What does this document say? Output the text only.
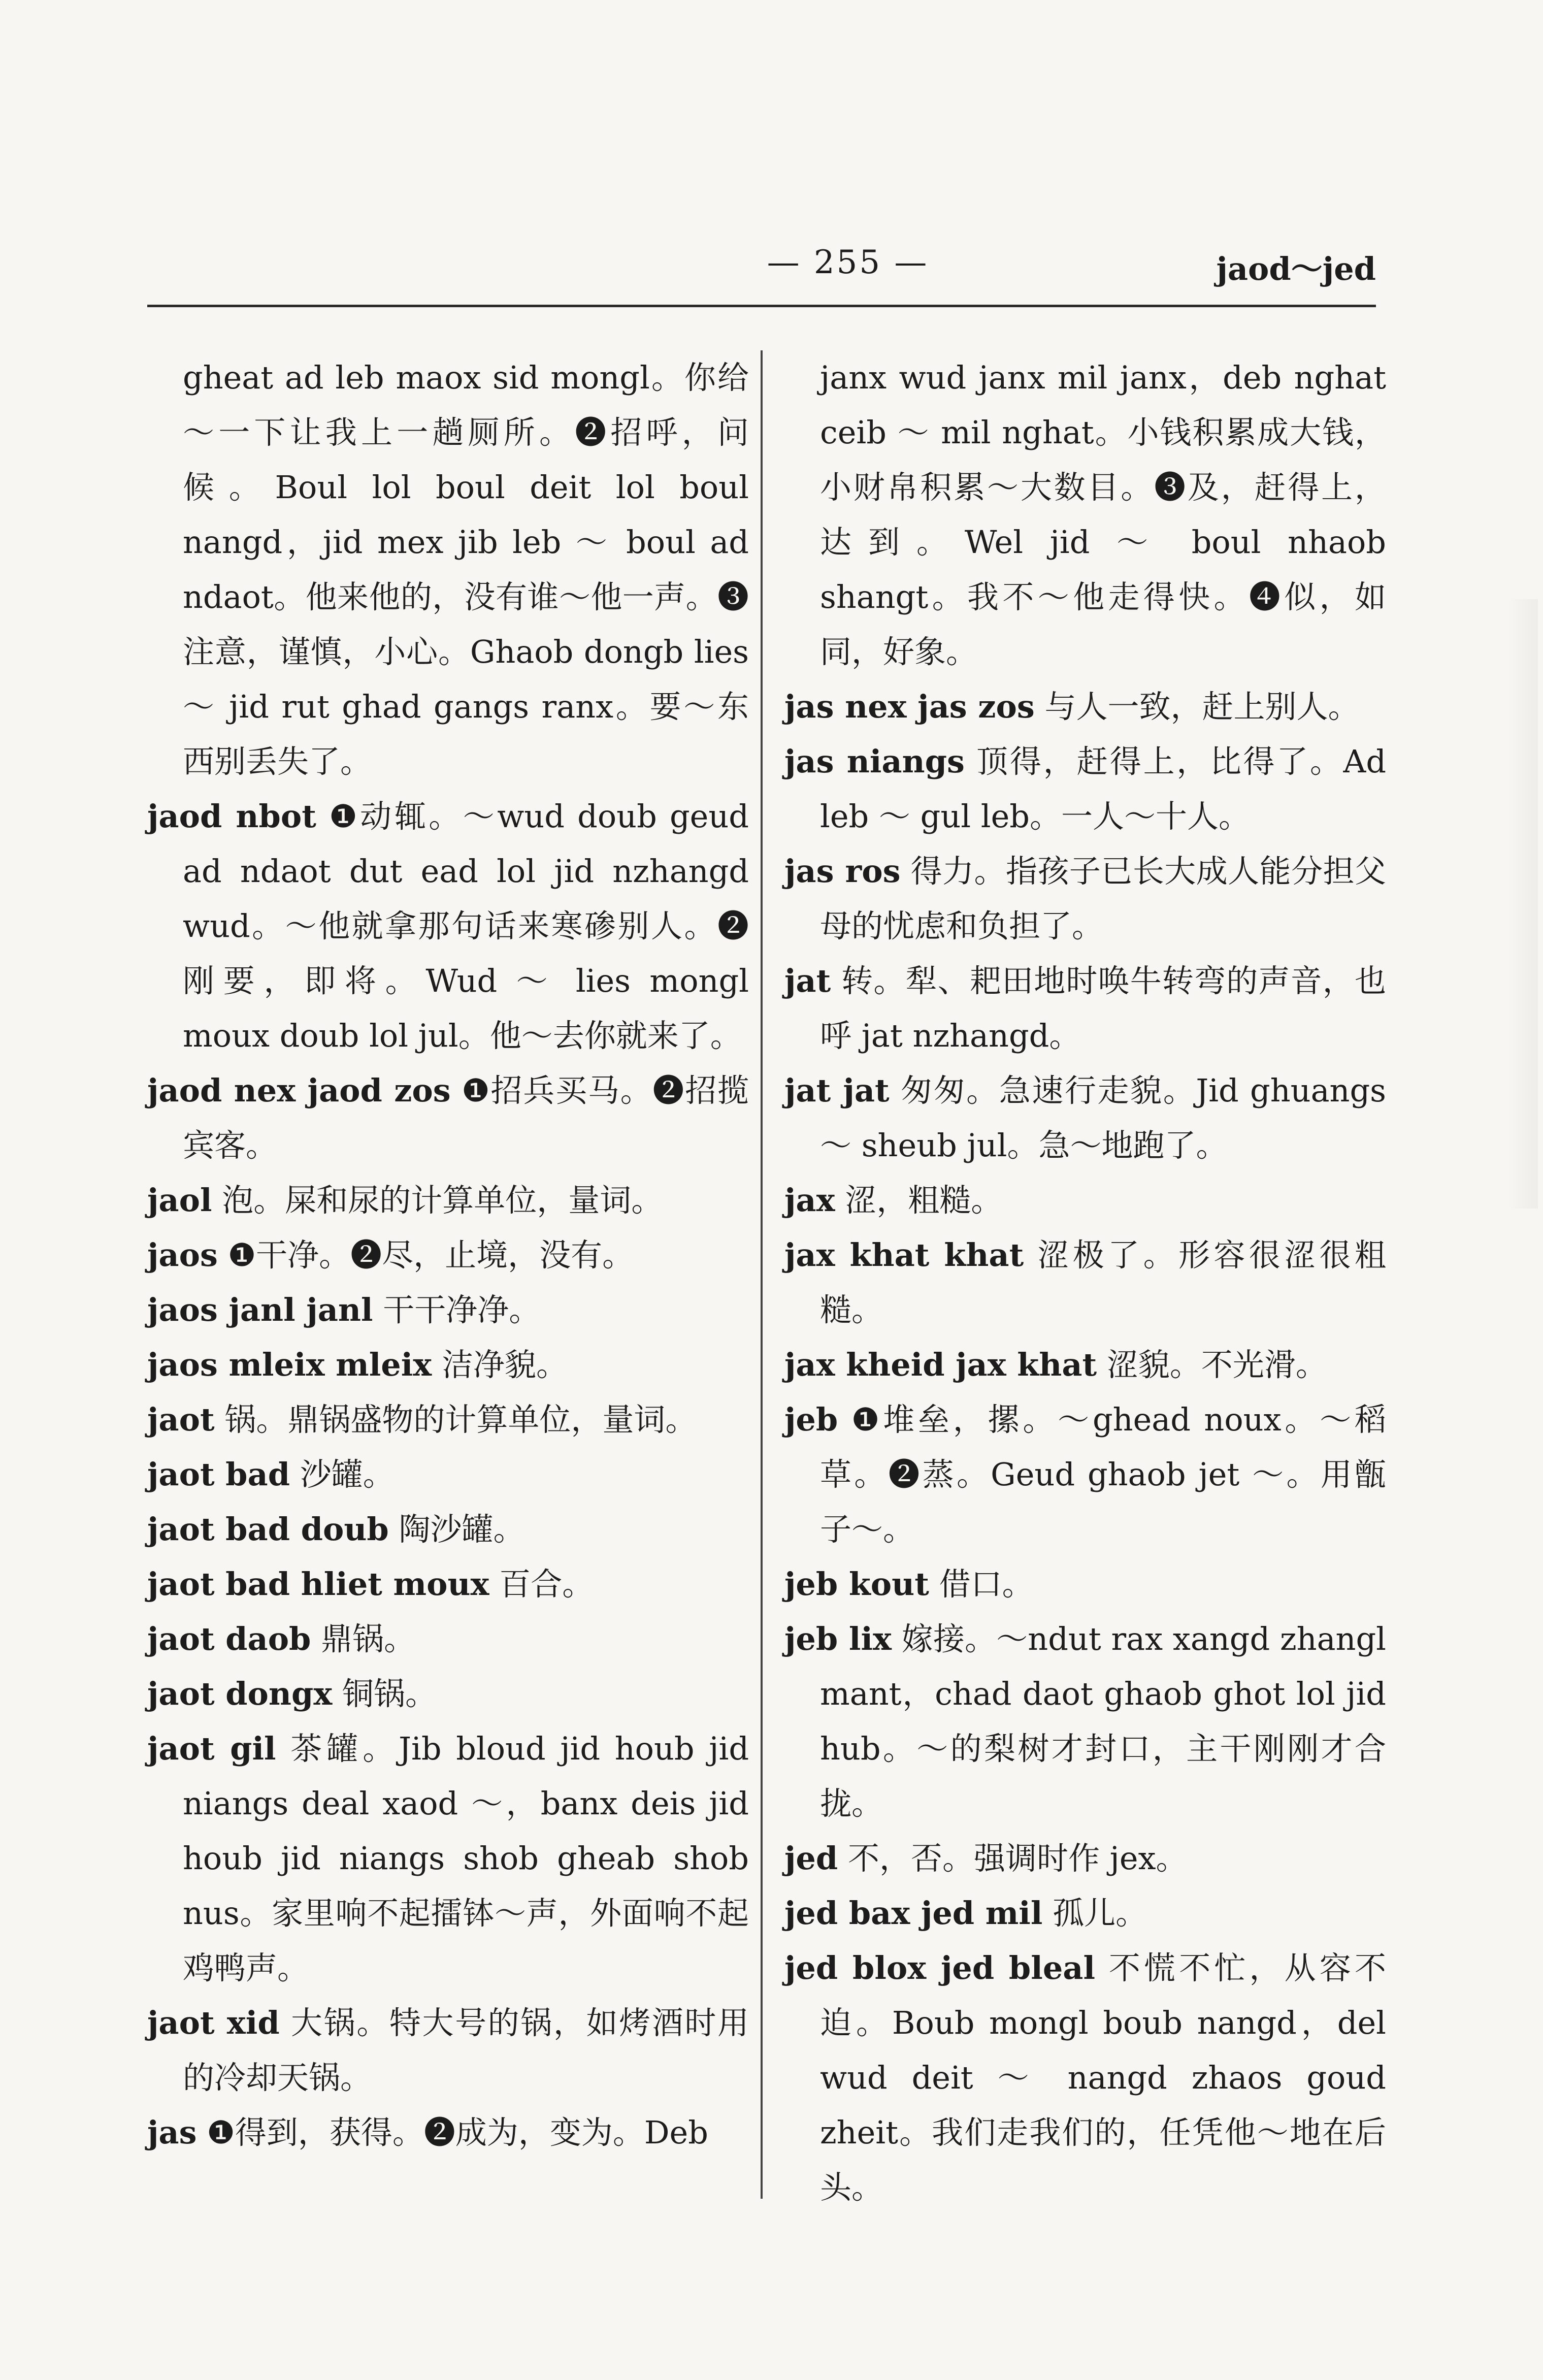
— 255 —	jaod～jed
gheat ad leb maox sid mongl。你给～一下让我上一趟厕所。❷招呼，问候。Boul lol boul deit lol boul nangd，jid mex jib leb ～ boul ad ndaot。他来他的，没有谁～他一声。❸注意，谨慎，小心。Ghaob dongb lies ～ jid rut ghad gangs ranx。要～东西别丢失了。
jaod nbot ❶动辄。～wud doub geud ad ndaot dut ead lol jid nzhangd wud。～他就拿那句话来寒碜别人。❷刚要，即将。Wud ～ lies mongl moux doub lol jul。他～去你就来了。
jaod nex jaod zos ❶招兵买马。❷招揽宾客。
jaol 泡。屎和尿的计算单位，量词。
jaos ❶干净。❷尽，止境，没有。
jaos janl janl 干干净净。
jaos mleix mleix 洁净貌。
jaot 锅。鼎锅盛物的计算单位，量词。
jaot bad 沙罐。
jaot bad doub 陶沙罐。
jaot bad hliet moux 百合。
jaot daob 鼎锅。
jaot dongx 铜锅。
jaot gil 茶罐。Jib bloud jid houb jid niangs deal xaod ～，banx deis jid houb jid niangs shob gheab shob nus。家里响不起擂钵～声，外面响不起鸡鸭声。
jaot xid 大锅。特大号的锅，如烤酒时用的冷却天锅。
jas ❶得到，获得。❷成为，变为。Deb
janx wud janx mil janx，deb nghat ceib ～ mil nghat。小钱积累成大钱，小财帛积累～大数目。❸及，赶得上，达到。Wel jid ～ boul nhaob shangt。我不～他走得快。❹似，如同，好象。
jas nex jas zos 与人一致，赶上别人。
jas niangs 顶得，赶得上，比得了。Ad leb ～ gul leb。一人～十人。
jas ros 得力。指孩子已长大成人能分担父母的忧虑和负担了。
jat 转。犁、耙田地时唤牛转弯的声音，也呼 jat nzhangd。
jat jat 匆匆。急速行走貌。Jid ghuangs ～ sheub jul。急～地跑了。
jax 涩，粗糙。
jax khat khat 涩极了。形容很涩很粗糙。
jax kheid jax khat 涩貌。不光滑。
jeb ❶堆垒，摞。～ghead noux。～稻草。❷蒸。Geud ghaob jet ～。用甑子～。
jeb kout 借口。
jeb lix 嫁接。～ndut rax xangd zhangl mant，chad daot ghaob ghot lol jid hub。～的梨树才封口，主干刚刚才合拢。
jed 不，否。强调时作 jex。
jed bax jed mil 孤儿。
jed blox jed bleal 不慌不忙，从容不迫。Boub mongl boub nangd，del wud deit ～ nangd zhaos goud zheit。我们走我们的，任凭他～地在后头。
